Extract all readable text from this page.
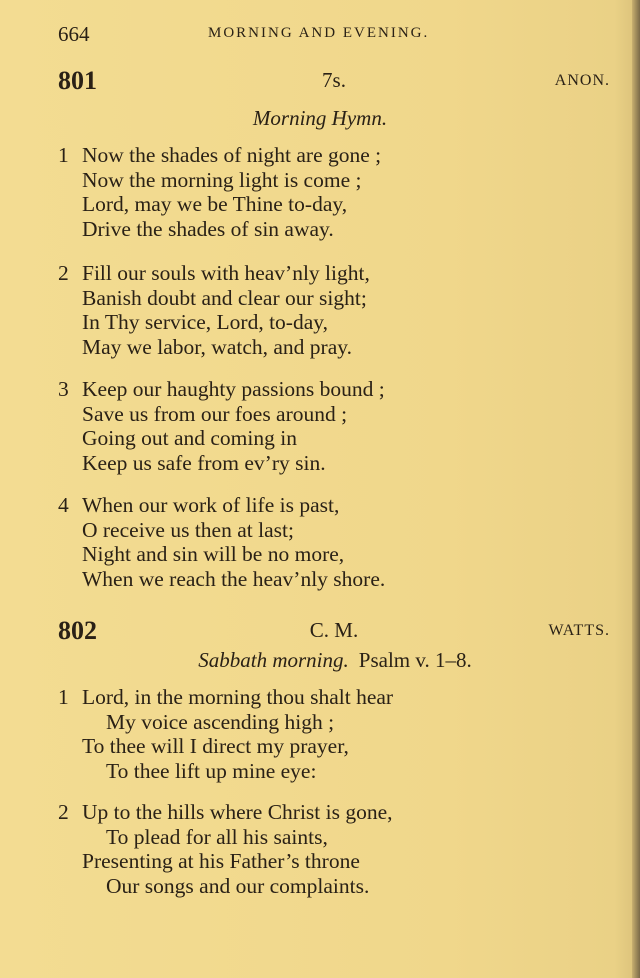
664	MORNING AND EVENING.
801	7s.	ANON.
Morning Hymn.
1 Now the shades of night are gone ;
Now the morning light is come ;
Lord, may we be Thine to-day,
Drive the shades of sin away.
2 Fill our souls with heav’nly light,
Banish doubt and clear our sight;
In Thy service, Lord, to-day,
May we labor, watch, and pray.
3 Keep our haughty passions bound ;
Save us from our foes around ;
Going out and coming in
Keep us safe from ev’ry sin.
4 When our work of life is past,
O receive us then at last;
Night and sin will be no more,
When we reach the heav’nly shore.
802	C. M.	WATTS.
Sabbath morning. Psalm v. 1–8.
1 Lord, in the morning thou shalt hear
My voice ascending high ;
To thee will I direct my prayer,
To thee lift up mine eye:
2 Up to the hills where Christ is gone,
To plead for all his saints,
Presenting at his Father’s throne
Our songs and our complaints.
